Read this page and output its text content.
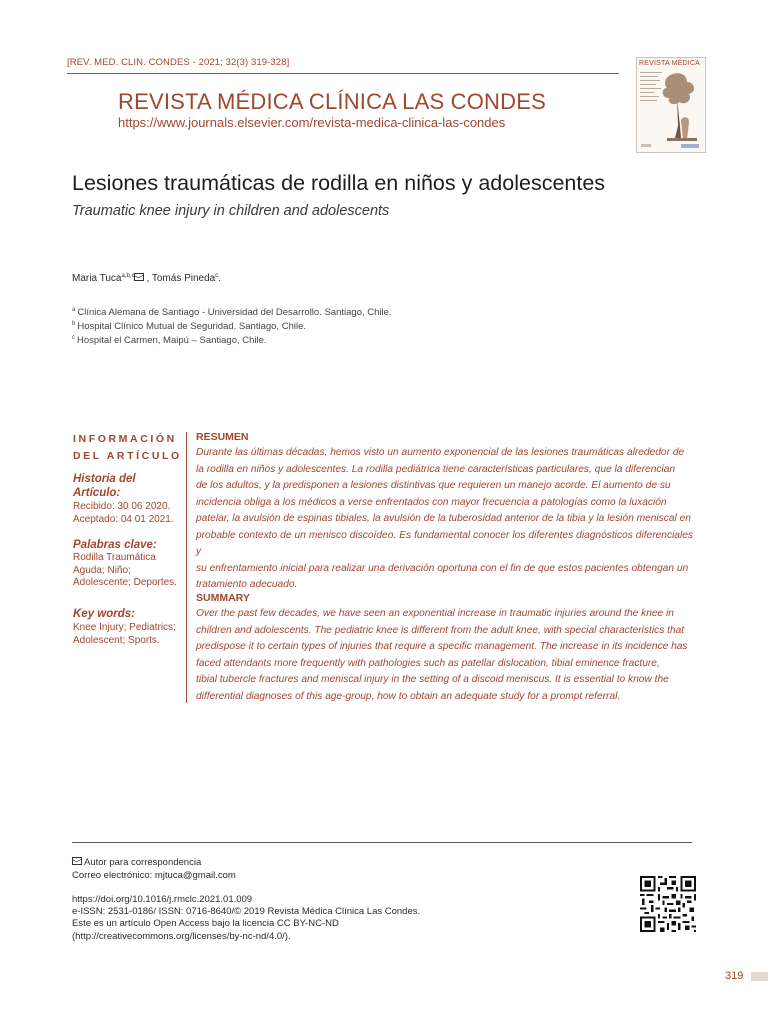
[REV. MED. CLIN. CONDES - 2021; 32(3) 319-328]
REVISTA MÉDICA CLÍNICA LAS CONDES
https://www.journals.elsevier.com/revista-medica-clinica-las-condes
REVISTA MÉDICA
Lesiones traumáticas de rodilla en niños y adolescentes
Traumatic knee injury in children and adolescents
Maria Tuca$^{a,b,c}$ , Tomás Pineda$^c$.
$^a$ Clínica Alemana de Santiago - Universidad del Desarrollo. Santiago, Chile.
$^b$ Hospital Clínico Mutual de Seguridad. Santiago, Chile.
$^c$ Hospital el Carmen, Maipú – Santiago, Chile.
INFORMACIÓN
DEL ARTÍCULO
Historia del
Artículo:
Recibido: 30 06 2020.
Aceptado: 04 01 2021.
Palabras clave:
Rodilla Traumática
Aguda; Niño;
Adolescente; Deportes.
Key words:
Knee Injury; Pediatrics;
Adolescent; Sports.
RESUMEN
Durante las últimas décadas, hemos visto un aumento exponencial de las lesiones traumáticas alrededor de
la rodilla en niños y adolescentes. La rodilla pediátrica tiene características particulares, que la diferencian
de los adultos, y la predisponen a lesiones distintivas que requieren un manejo acorde. El aumento de su
incidencia obliga a los médicos a verse enfrentados con mayor frecuencia a patologías como la luxación
patelar, la avulsión de espinas tibiales, la avulsión de la tuberosidad anterior de la tibia y la lesión meniscal en
probable contexto de un menisco discoídeo. Es fundamental conocer los diferentes diagnósticos diferenciales y
su enfrentamiento inicial para realizar una derivación oportuna con el fin de que estos pacientes obtengan un
tratamiento adecuado.
SUMMARY
Over the past few decades, we have seen an exponential increase in traumatic injuries around the knee in
children and adolescents. The pediatric knee is different from the adult knee, with special characteristics that
predispose it to certain types of injuries that require a specific management. The increase in its incidence has
faced attendants more frequently with pathologies such as patellar dislocation, tibial eminence fracture,
tibial tubercle fractures and meniscal injury in the setting of a discoid meniscus. It is essential to know the
differential diagnoses of this age-group, how to obtain an adequate study for a prompt referral.
Autor para correspondencia
Correo electrónico: mjtuca@gmail.com
https://doi.org/10.1016/j.rmclc.2021.01.009
e-ISSN: 2531-0186/ ISSN: 0716-8640/© 2019 Revista Médica Clínica Las Condes.
Este es un artículo Open Access bajo la licencia CC BY-NC-ND
(http://creativecommons.org/licenses/by-nc-nd/4.0/).
319
